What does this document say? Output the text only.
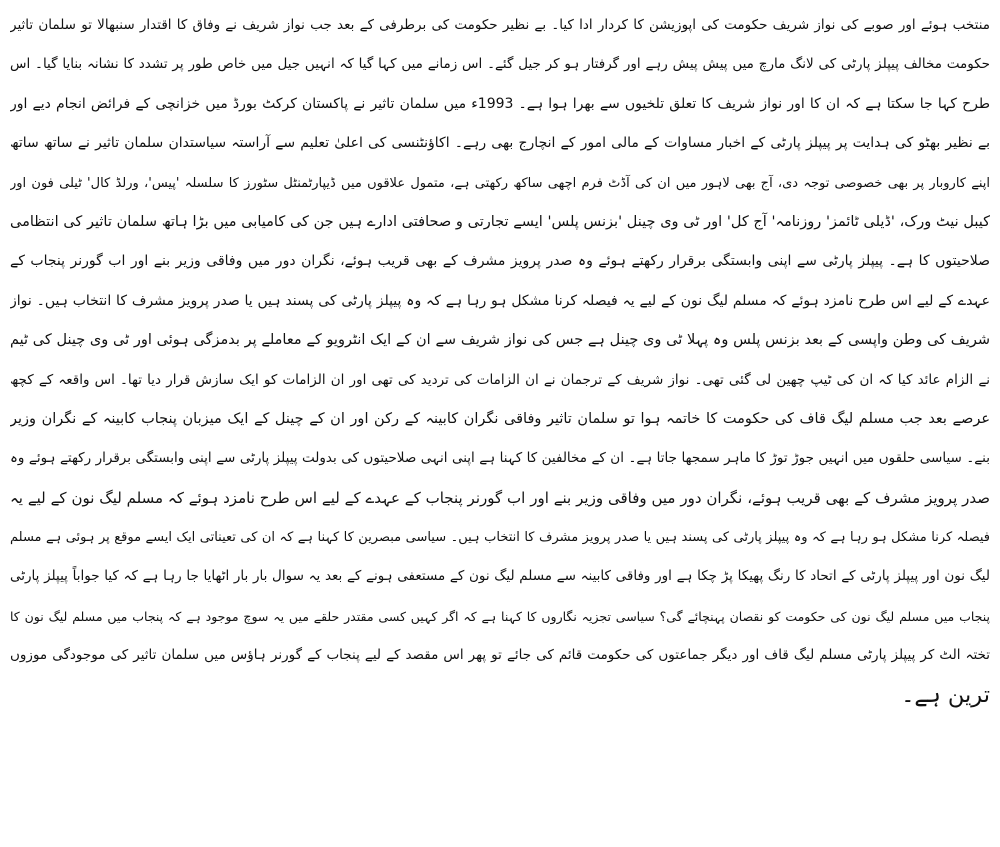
منتخب ہوئے اور صوبے کی نواز شریف حکومت کی اپوزیشن کا کردار ادا کیا۔ بے نظیر حکومت کی برطرفی کے بعد جب نواز شریف نے وفاق کا اقتدار سنبھالا تو سلمان تاثیر
حکومت مخالف پیپلز پارٹی کی لانگ مارچ میں پیش پیش رہے اور گرفتار ہو کر جیل گئے۔ اس زمانے میں کہا گیا کہ انہیں جیل میں خاص طور پر تشدد کا نشانہ بنایا گیا۔ اس
طرح کہا جا سکتا ہے کہ ان کا اور نواز شریف کا تعلق تلخیوں سے بھرا ہوا ہے۔ 1993ء میں سلمان تاثیر نے پاکستان کرکٹ بورڈ میں خزانچی کے فرائض انجام دیے اور
بے نظیر بھٹو کی ہدایت پر پیپلز پارٹی کے اخبار مساوات کے مالی امور کے انچارج بھی رہے۔ اکاؤنٹنسی کی اعلیٰ تعلیم سے آراستہ سیاستدان سلمان تاثیر نے ساتھ ساتھ
اپنے کاروبار پر بھی خصوصی توجہ دی، آج بھی لاہور میں ان کی آڈٹ فرم اچھی ساکھ رکھتی ہے، متمول علاقوں میں ڈیپارٹمنٹل سٹورز کا سلسلہ 'پیس'، ورلڈ کال' ٹیلی فون اور
کیبل نیٹ ورک، 'ڈیلی ٹائمز' روزنامہ' آج کل' اور ٹی وی چینل 'بزنس پلس' ایسے تجارتی و صحافتی ادارے ہیں جن کی کامیابی میں بڑا ہاتھ سلمان تاثیر کی انتظامی
صلاحیتوں کا ہے۔ پیپلز پارٹی سے اپنی وابستگی برقرار رکھتے ہوئے وہ صدر پرویز مشرف کے بھی قریب ہوئے، نگران دور میں وفاقی وزیر بنے اور اب گورنر پنجاب کے
عہدے کے لیے اس طرح نامزد ہوئے کہ مسلم لیگ نون کے لیے یہ فیصلہ کرنا مشکل ہو رہا ہے کہ وہ پیپلز پارٹی کی پسند ہیں یا صدر پرویز مشرف کا انتخاب ہیں۔ نواز
شریف کی وطن واپسی کے بعد بزنس پلس وہ پہلا ٹی وی چینل ہے جس کی نواز شریف سے ان کے ایک انٹرویو کے معاملے پر بدمزگی ہوئی اور ٹی وی چینل کی ٹیم
نے الزام عائد کیا کہ ان کی ٹیپ چھین لی گئی تھی۔ نواز شریف کے ترجمان نے ان الزامات کی تردید کی تھی اور ان الزامات کو ایک سازش قرار دیا تھا۔ اس واقعہ کے کچھ
عرصے بعد جب مسلم لیگ قاف کی حکومت کا خاتمہ ہوا تو سلمان تاثیر وفاقی نگران کابینہ کے رکن اور ان کے چینل کے ایک میزبان پنجاب کابینہ کے نگران وزیر
بنے۔ سیاسی حلقوں میں انہیں جوڑ توڑ کا ماہر سمجھا جاتا ہے۔ ان کے مخالفین کا کہنا ہے اپنی انہی صلاحیتوں کی بدولت پیپلز پارٹی سے اپنی وابستگی برقرار رکھتے ہوئے وہ
صدر پرویز مشرف کے بھی قریب ہوئے، نگران دور میں وفاقی وزیر بنے اور اب گورنر پنجاب کے عہدے کے لیے اس طرح نامزد ہوئے کہ مسلم لیگ نون کے لیے یہ
فیصلہ کرنا مشکل ہو رہا ہے کہ وہ پیپلز پارٹی کی پسند ہیں یا صدر پرویز مشرف کا انتخاب ہیں۔ سیاسی مبصرین کا کہنا ہے کہ ان کی تعیناتی ایک ایسے موقع پر ہوئی ہے مسلم
لیگ نون اور پیپلز پارٹی کے اتحاد کا رنگ پھیکا پڑ چکا ہے اور وفاقی کابینہ سے مسلم لیگ نون کے مستعفی ہونے کے بعد یہ سوال بار بار اٹھایا جا رہا ہے کہ کیا جواباً پیپلز پارٹی
پنجاب میں مسلم لیگ نون کی حکومت کو نقصان پہنچائے گی؟ سیاسی تجزیہ نگاروں کا کہنا ہے کہ اگر کہیں کسی مقتدر حلقے میں یہ سوچ موجود ہے کہ پنجاب میں مسلم لیگ نون کا
تختہ الٹ کر پیپلز پارٹی مسلم لیگ قاف اور دیگر جماعتوں کی حکومت قائم کی جائے تو پھر اس مقصد کے لیے پنجاب کے گورنر ہاؤس میں سلمان تاثیر کی موجودگی موزوں
ترین ہے۔
